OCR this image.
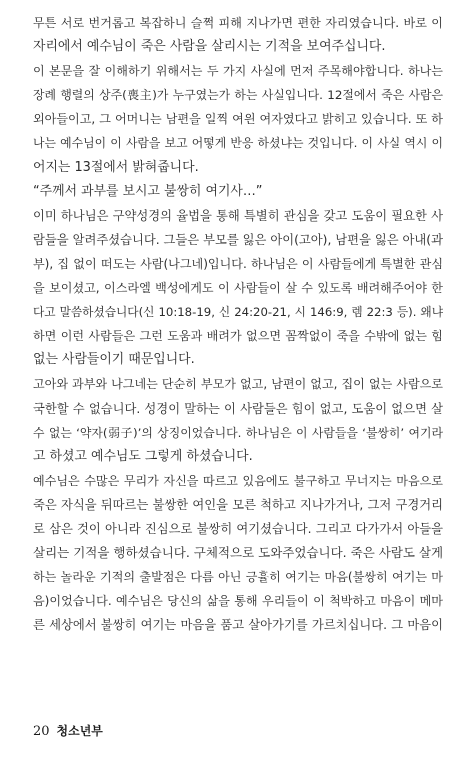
무튼 서로 번거롭고 복잡하니 슬쩍 피해 지나가면 편한 자리였습니다. 바로 이
자리에서 예수님이 죽은 사람을 살리시는 기적을 보여주십니다.
이 본문을 잘 이해하기 위해서는 두 가지 사실에 먼저 주목해야합니다. 하나는
장례 행렬의 상주(喪主)가 누구였는가 하는 사실입니다. 12절에서 죽은 사람은
외아들이고, 그 어머니는 남편을 일찍 여읜 여자였다고 밝히고 있습니다. 또 하
나는 예수님이 이 사람을 보고 어떻게 반응 하셨냐는 것입니다. 이 사실 역시 이
어지는 13절에서 밝혀줍니다.
“주께서 과부를 보시고 불쌍히 여기사…”
이미 하나님은 구약성경의 율법을 통해 특별히 관심을 갖고 도움이 필요한 사
람들을 알려주셨습니다. 그들은 부모를 잃은 아이(고아), 남편을 잃은 아내(과
부), 집 없이 떠도는 사람(나그네)입니다. 하나님은 이 사람들에게 특별한 관심
을 보이셨고, 이스라엘 백성에게도 이 사람들이 살 수 있도록 배려해주어야 한
다고 말씀하셨습니다(신 10:18-19, 신 24:20-21, 시 146:9, 렘 22:3 등). 왜냐
하면 이런 사람들은 그런 도움과 배려가 없으면 꼼짝없이 죽을 수밖에 없는 힘
없는 사람들이기 때문입니다.
고아와 과부와 나그네는 단순히 부모가 없고, 남편이 없고, 집이 없는 사람으로
국한할 수 없습니다. 성경이 말하는 이 사람들은 힘이 없고, 도움이 없으면 살
수 없는 ‘약자(弱子)’의 상징이었습니다. 하나님은 이 사람들을 ‘불쌍히’ 여기라
고 하셨고 예수님도 그렇게 하셨습니다.
예수님은 수많은 무리가 자신을 따르고 있음에도 불구하고 무너지는 마음으로
죽은 자식을 뒤따르는 불쌍한 여인을 모른 척하고 지나가거나, 그저 구경거리
로 삼은 것이 아니라 진심으로 불쌍히 여기셨습니다. 그리고 다가가서 아들을
살리는 기적을 행하셨습니다. 구체적으로 도와주었습니다. 죽은 사람도 살게
하는 놀라운 기적의 출발점은 다름 아닌 긍휼히 여기는 마음(불쌍히 여기는 마
음)이었습니다. 예수님은 당신의 삶을 통해 우리들이 이 척박하고 마음이 메마
른 세상에서 불쌍히 여기는 마음을 품고 살아가기를 가르치십니다. 그 마음이
20 청소년부
